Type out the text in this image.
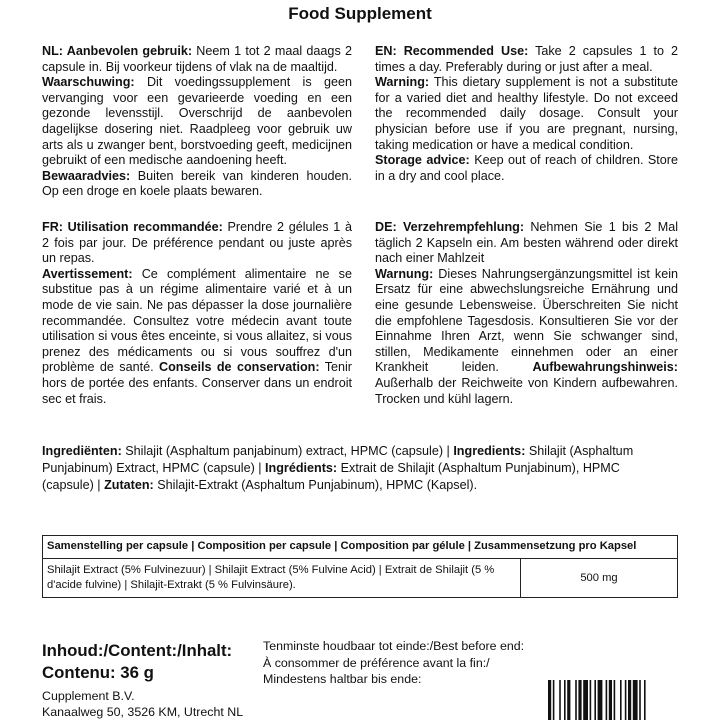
Food Supplement
NL: Aanbevolen gebruik: Neem 1 tot 2 maal daags 2 capsule in. Bij voorkeur tijdens of vlak na de maaltijd.
Waarschuwing: Dit voedingssupplement is geen vervanging voor een gevarieerde voeding en een gezonde levensstijl. Overschrijd de aanbevolen dagelijkse dosering niet. Raadpleeg voor gebruik uw arts als u zwanger bent, borstvoeding geeft, medicijnen gebruikt of een medische aandoening heeft.
Bewaaradvies: Buiten bereik van kinderen houden. Op een droge en koele plaats bewaren.
EN: Recommended Use: Take 2 capsules 1 to 2 times a day. Preferably during or just after a meal.
Warning: This dietary supplement is not a substitute for a varied diet and healthy lifestyle. Do not exceed the recommended daily dosage. Consult your physician before use if you are pregnant, nursing, taking medication or have a medical condition.
Storage advice: Keep out of reach of children. Store in a dry and cool place.
FR: Utilisation recommandée: Prendre 2 gélules 1 à 2 fois par jour. De préférence pendant ou juste après un repas.
Avertissement: Ce complément alimentaire ne se substitue pas à un régime alimentaire varié et à un mode de vie sain. Ne pas dépasser la dose journalière recommandée. Consultez votre médecin avant toute utilisation si vous êtes enceinte, si vous allaitez, si vous prenez des médicaments ou si vous souffrez d'un problème de santé. Conseils de conservation: Tenir hors de portée des enfants. Conserver dans un endroit sec et frais.
DE: Verzehrempfehlung: Nehmen Sie 1 bis 2 Mal täglich 2 Kapseln ein. Am besten während oder direkt nach einer Mahlzeit
Warnung: Dieses Nahrungsergänzungsmittel ist kein Ersatz für eine abwechslungsreiche Ernährung und eine gesunde Lebensweise. Überschreiten Sie nicht die empfohlene Tagesdosis. Konsultieren Sie vor der Einnahme Ihren Arzt, wenn Sie schwanger sind, stillen, Medikamente einnehmen oder an einer Krankheit leiden.	Aufbewahrungshinweis: Außerhalb der Reichweite von Kindern aufbewahren. Trocken und kühl lagern.
Ingrediënten: Shilajit (Asphaltum panjabinum) extract, HPMC (capsule) | Ingredients: Shilajit (Asphaltum Punjabinum) Extract, HPMC (capsule) | Ingrédients: Extrait de Shilajit (Asphaltum Punjabinum), HPMC (capsule) | Zutaten: Shilajit-Extrakt (Asphaltum Punjabinum), HPMC (Kapsel).
Samenstelling per capsule | Composition per capsule | Composition par gélule | Zusammensetzung pro Kapsel
Shilajit Extract (5% Fulvinezuur) | Shilajit Extract (5% Fulvine Acid) | Extrait de Shilajit (5 % d'acide fulvine) | Shilajit-Extrakt (5 % Fulvinsäure).	500 mg
Inhoud:/Content:/Inhalt:
Contenu: 36 g
Cupplement B.V.
Kanaalweg 50, 3526 KM, Utrecht NL
Tenminste houdbaar tot einde:/Best before end:
À consommer de préférence avant la fin:/
Mindestens haltbar bis ende:
